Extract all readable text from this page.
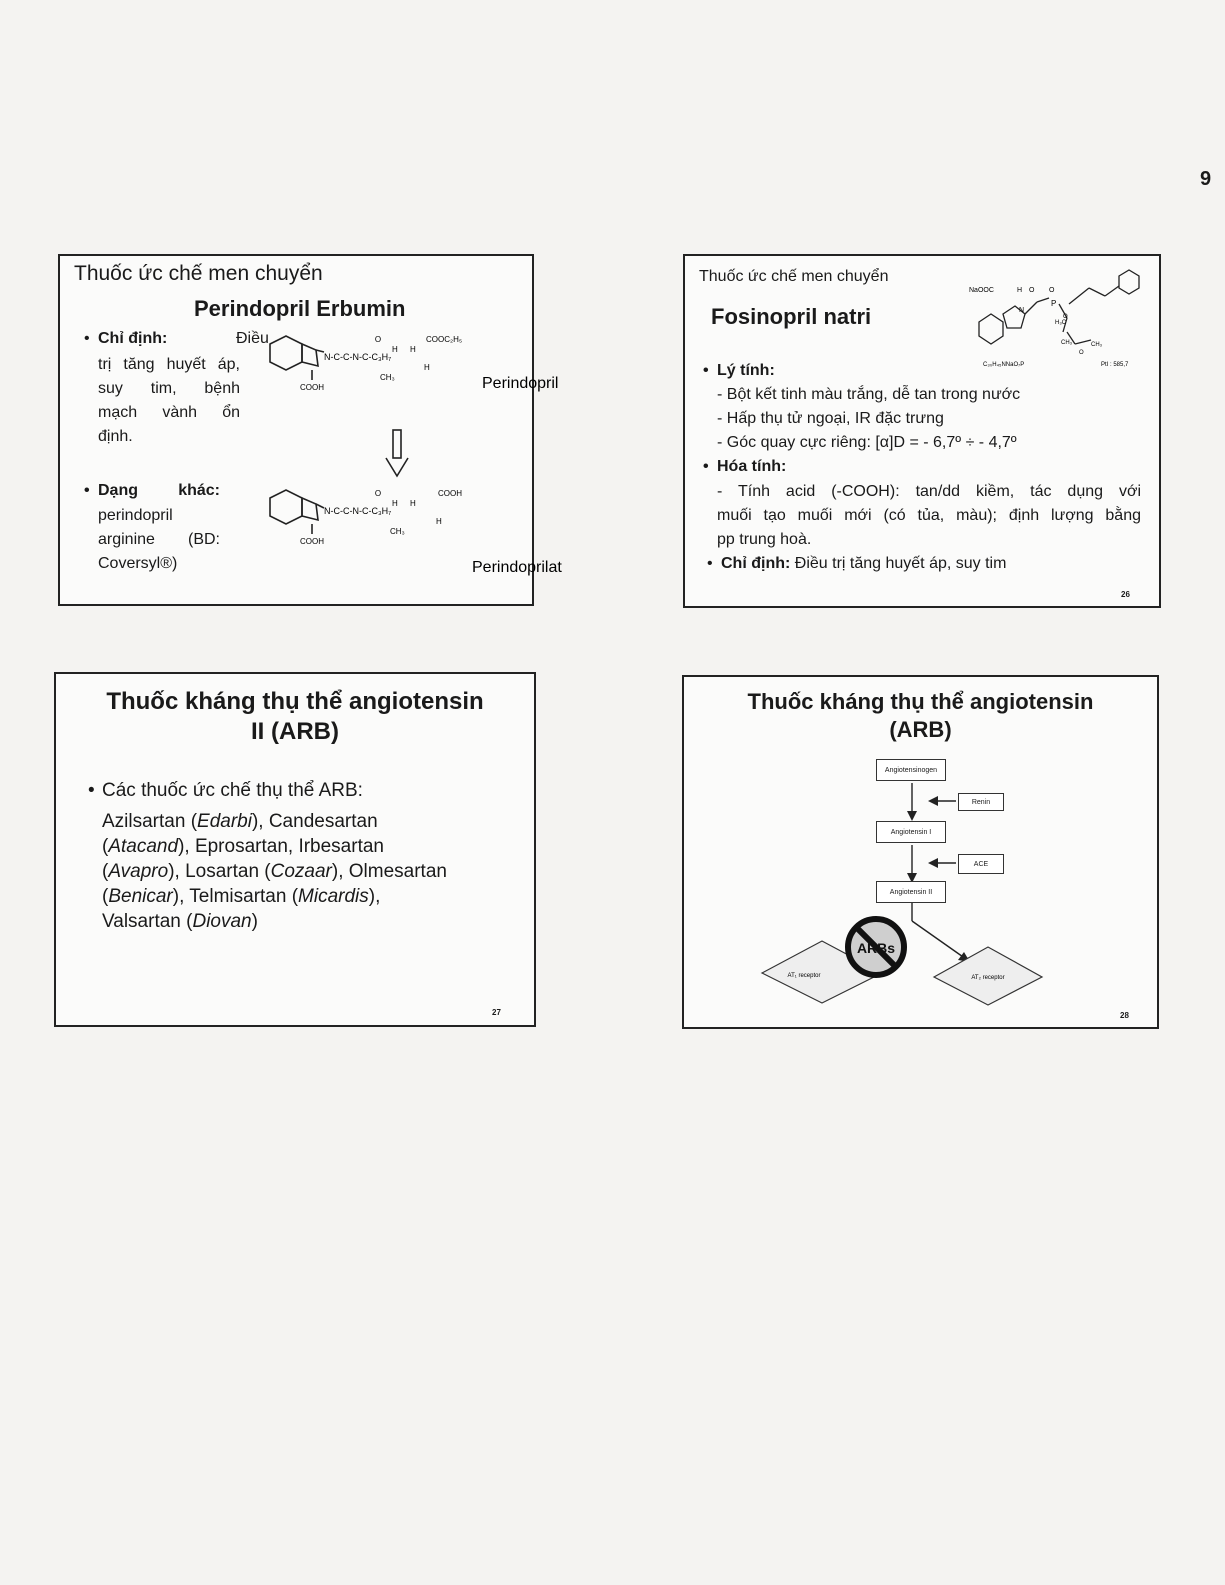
9
Thuốc ức chế men chuyển
Perindopril Erbumin
• Chỉ định:	Điều
trị tăng huyết áp,
suy tim, bệnh
mạch vành ổn
định.
• Dạng khác:
perindopril
arginine (BD:
Coversyl®)
O
H H
COOC₂H₅
N-C-C-N-C-C₃H₇
CH₃
H
COOH	Perindopril
O
H H
COOH
N-C-C-N-C-C₃H₇
CH₃
H
COOH
Perindoprilat
Thuốc ức chế men chuyển
Fosinopril natri
NaOOC	H O O
P
N
H₃C
CH₃	CH₃
O
O
C₃₀H₄₅NNaO₇P	PtI : 585,7
• Lý tính:
- Bột kết tinh màu trắng, dễ tan trong nước
- Hấp thụ tử ngoại, IR đặc trưng
- Góc quay cực riêng: [α]D = - 6,7º ÷ - 4,7º
• Hóa tính:
- Tính acid (-COOH): tan/dd kiềm, tác dụng với
muối tạo muối mới (có tủa, màu); định lượng bằng
pp trung hoà.
• Chỉ định: Điều trị tăng huyết áp, suy tim
26
Thuốc kháng thụ thể angiotensin
II (ARB)
• Các thuốc ức chế thụ thể ARB:
Azilsartan (Edarbi), Candesartan
(Atacand), Eprosartan, Irbesartan
(Avapro), Losartan (Cozaar), Olmesartan
(Benicar), Telmisartan (Micardis),
Valsartan (Diovan)
27
Thuốc kháng thụ thể angiotensin
(ARB)
ARBs
AT₁ receptor	AT₂ receptor
Angiotensinogen
Renin
Angiotensin I
ACE
Angiotensin II
28
